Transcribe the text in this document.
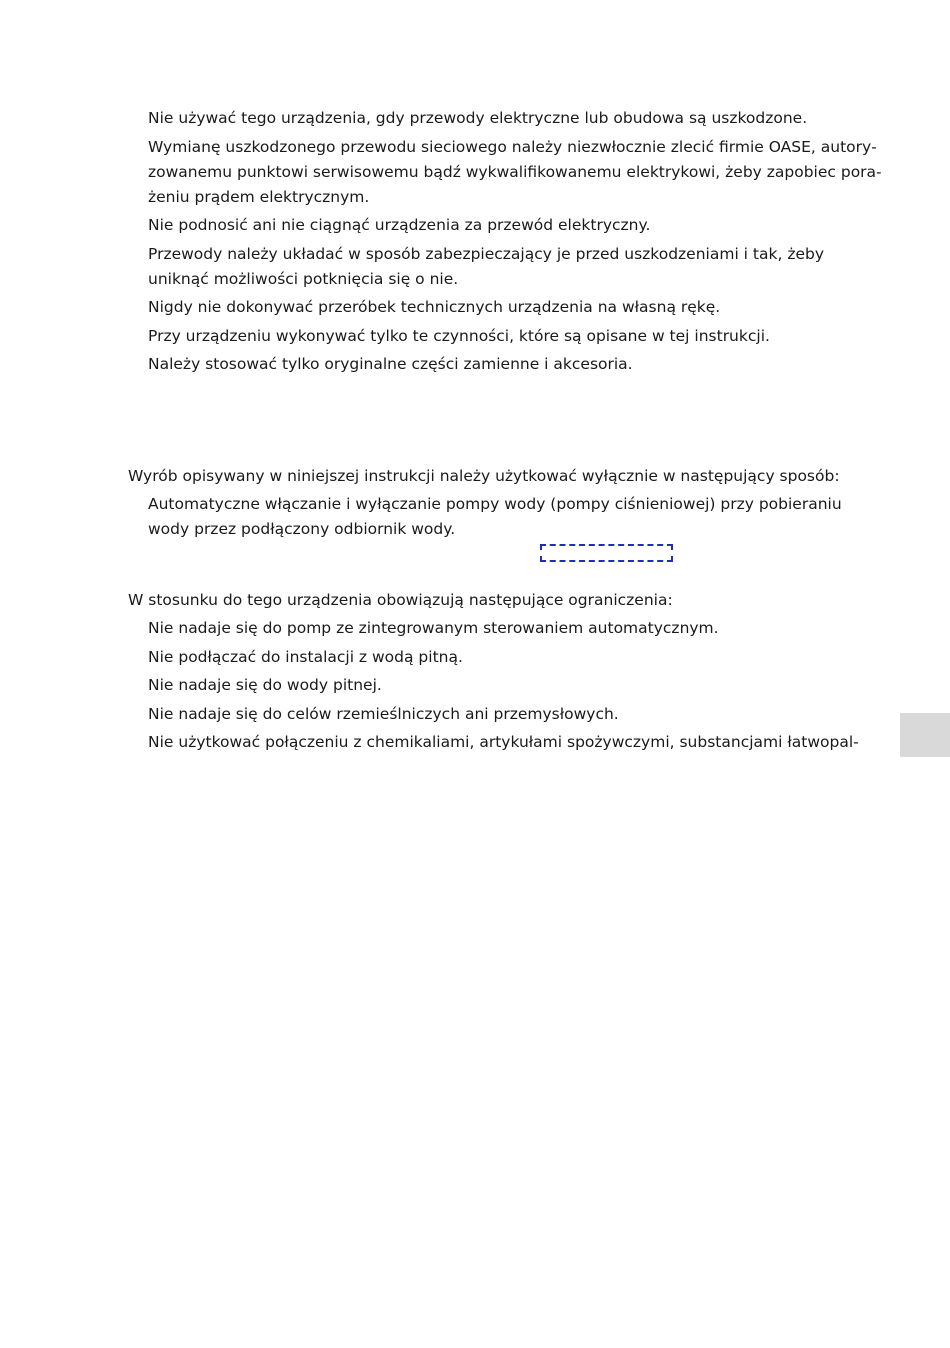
Nie używać tego urządzenia, gdy przewody elektryczne lub obudowa są uszkodzone.
Wymianę uszkodzonego przewodu sieciowego należy niezwłocznie zlecić firmie OASE, autoryzowanemu punktowi serwisowemu bądź wykwalifikowanemu elektrykowi, żeby zapobiec porażeniu prądem elektrycznym.
Nie podnosić ani nie ciągnąć urządzenia za przewód elektryczny.
Przewody należy układać w sposób zabezpieczający je przed uszkodzeniami i tak, żeby uniknąć możliwości potknięcia się o nie.
Nigdy nie dokonywać przeróbek technicznych urządzenia na własną rękę.
Przy urządzeniu wykonywać tylko te czynności, które są opisane w tej instrukcji.
Należy stosować tylko oryginalne części zamienne i akcesoria.

Wyrób opisywany w niniejszej instrukcji należy użytkować wyłącznie w następujący sposób:

Automatyczne włączanie i wyłączanie pompy wody (pompy ciśnieniowej) przy pobieraniu wody przez podłączony odbiornik wody.

W stosunku do tego urządzenia obowiązują następujące ograniczenia:

Nie nadaje się do pomp ze zintegrowanym sterowaniem automatycznym.
Nie podłączać do instalacji z wodą pitną.
Nie nadaje się do wody pitnej.
Nie nadaje się do celów rzemieślniczych ani przemysłowych.
Nie użytkować połączeniu z chemikaliami, artykułami spożywczymi, substancjami łatwopal-
